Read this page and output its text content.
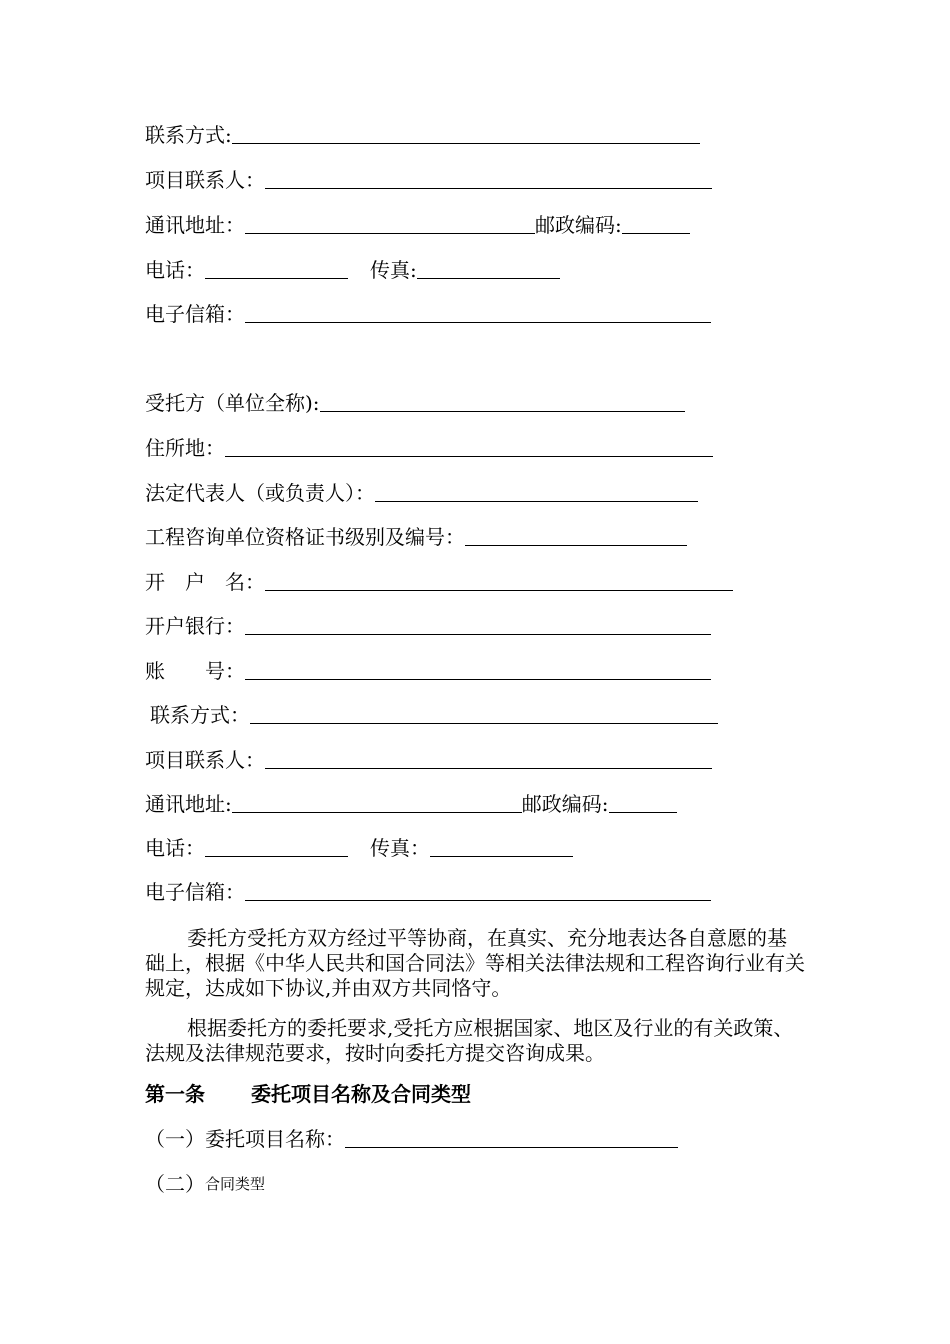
联系方式:
项目联系人：
通讯地址：	邮政编码:
电话：	传真:
电子信箱：
受托方（单位全称):
住所地：
法定代表人（或负责人）：
工程咨询单位资格证书级别及编号：
开　户　名：
开户银行：
账　　号：
联系方式：
项目联系人：
通讯地址:	邮政编码:
电话：	传真：
电子信箱：
委托方受托方双方经过平等协商，在真实、充分地表达各自意愿的基础上，根据《中华人民共和国合同法》等相关法律法规和工程咨询行业有关规定，达成如下协议,并由双方共同恪守。
根据委托方的委托要求,受托方应根据国家、地区及行业的有关政策、法规及法律规范要求，按时向委托方提交咨询成果。
第一条 委托项目名称及合同类型
（一）委托项目名称：
（二） 合同类型
